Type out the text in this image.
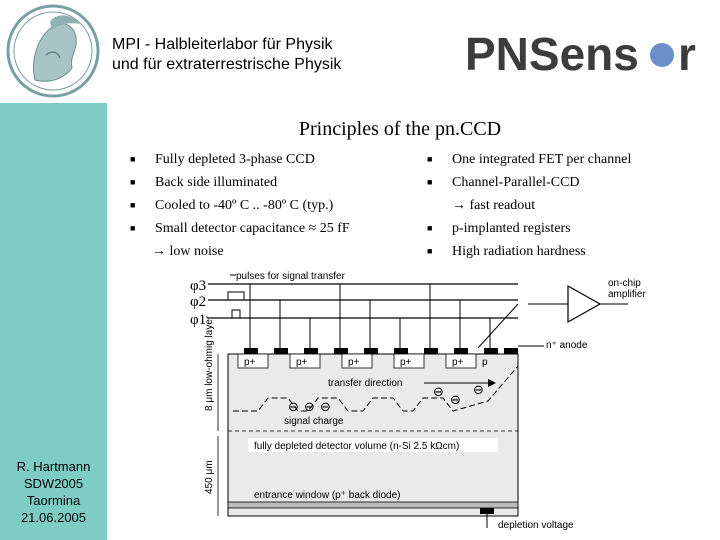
R. Hartmann
SDW2005
Taormina
21.06.2005
MPI - Halbleiterlabor für Physik
und für extraterrestrische Physik	PNSens r
Principles of the pn.CCD
■ Fully depleted 3-phase CCD
■ Back side illuminated
■ Cooled to -40º C .. -80º C (typ.)
■ Small detector capacitance ≈ 25 fF
→ low noise
■ One integrated FET per channel
■ Channel-Parallel-CCD
→ fast readout
■ p-implanted registers
■ High radiation hardness
φ3
φ2
φ1
pulses for signal transfer
on-chip
amplifier
n⁺ anode
p+	p+	p+	p+	p+ p
transfer direction
⊖ ⊖ ⊖
⊖
⊖
⊖
signal charge
fully depleted detector volume (n-Si 2.5 kΩcm)
entrance window (p⁺ back diode)
depletion voltage
8 μm low-ohmig layer
450 μm
